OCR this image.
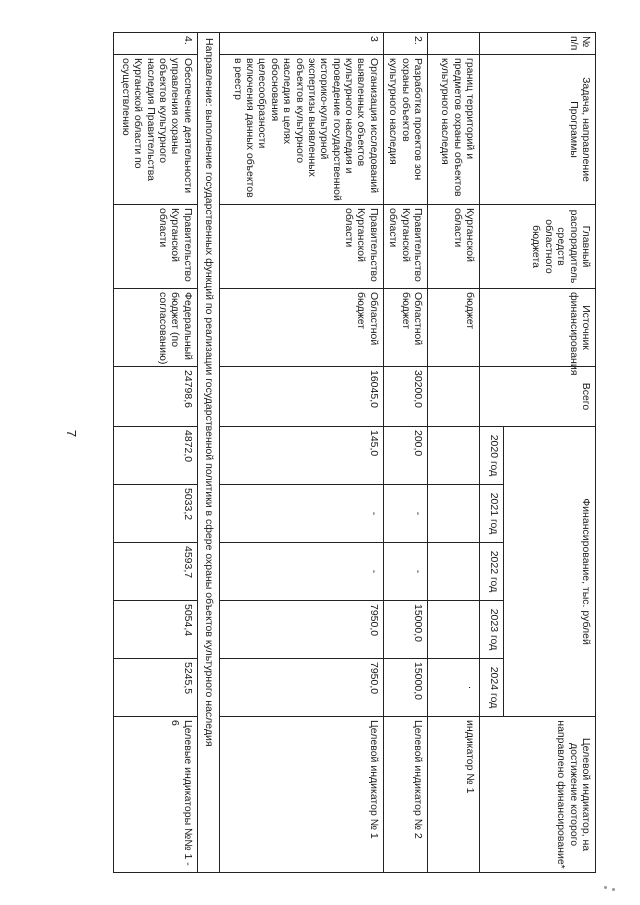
7
№ п/п	Задача, направление Программы	Главный распорядитель средств областного бюджета	Источник финансирования	Всего	Финансирование, тыс. рублей					Целевой индикатор, на достижение которого направлено финансирование*
					2020 год	2021 год	2022 год	2023 год	2024 год	
	границ территорий и предметов охраны объектов культурного наследия	Курганской области	бюджет						·	индикатор № 1
2.	Разработка проектов зон охраны объектов культурного наследия	Правительство Курганской области	Областной бюджет	30200,0	200,0	-	-	15000,0	15000,0	Целевой индикатор № 2
3	Организация исследований выявленных объектов культурного наследия и проведение государственной историко-культурной экспертизы выявленных объектов культурного наследия в целях обоснования целесообразности включения данных объектов в реестр	Правительство Курганской области	Областной бюджет	16045,0	145,0	-	-	7950,0	7950,0	Целевой индикатор № 1
Направление: выполнение государственных функций по реализации государственной политики в сфере охраны объектов культурного наследия										
4.	Обеспечение деятельности управления охраны объектов культурного наследия Правительства Курганской области по осуществлению	Правительство Курганской области	Федеральный бюджет (по согласованию)	24798,6	4872,0	5033,2	4593,7	5054,4	5245,5	Целевые индикаторы №№ 1 - 6
